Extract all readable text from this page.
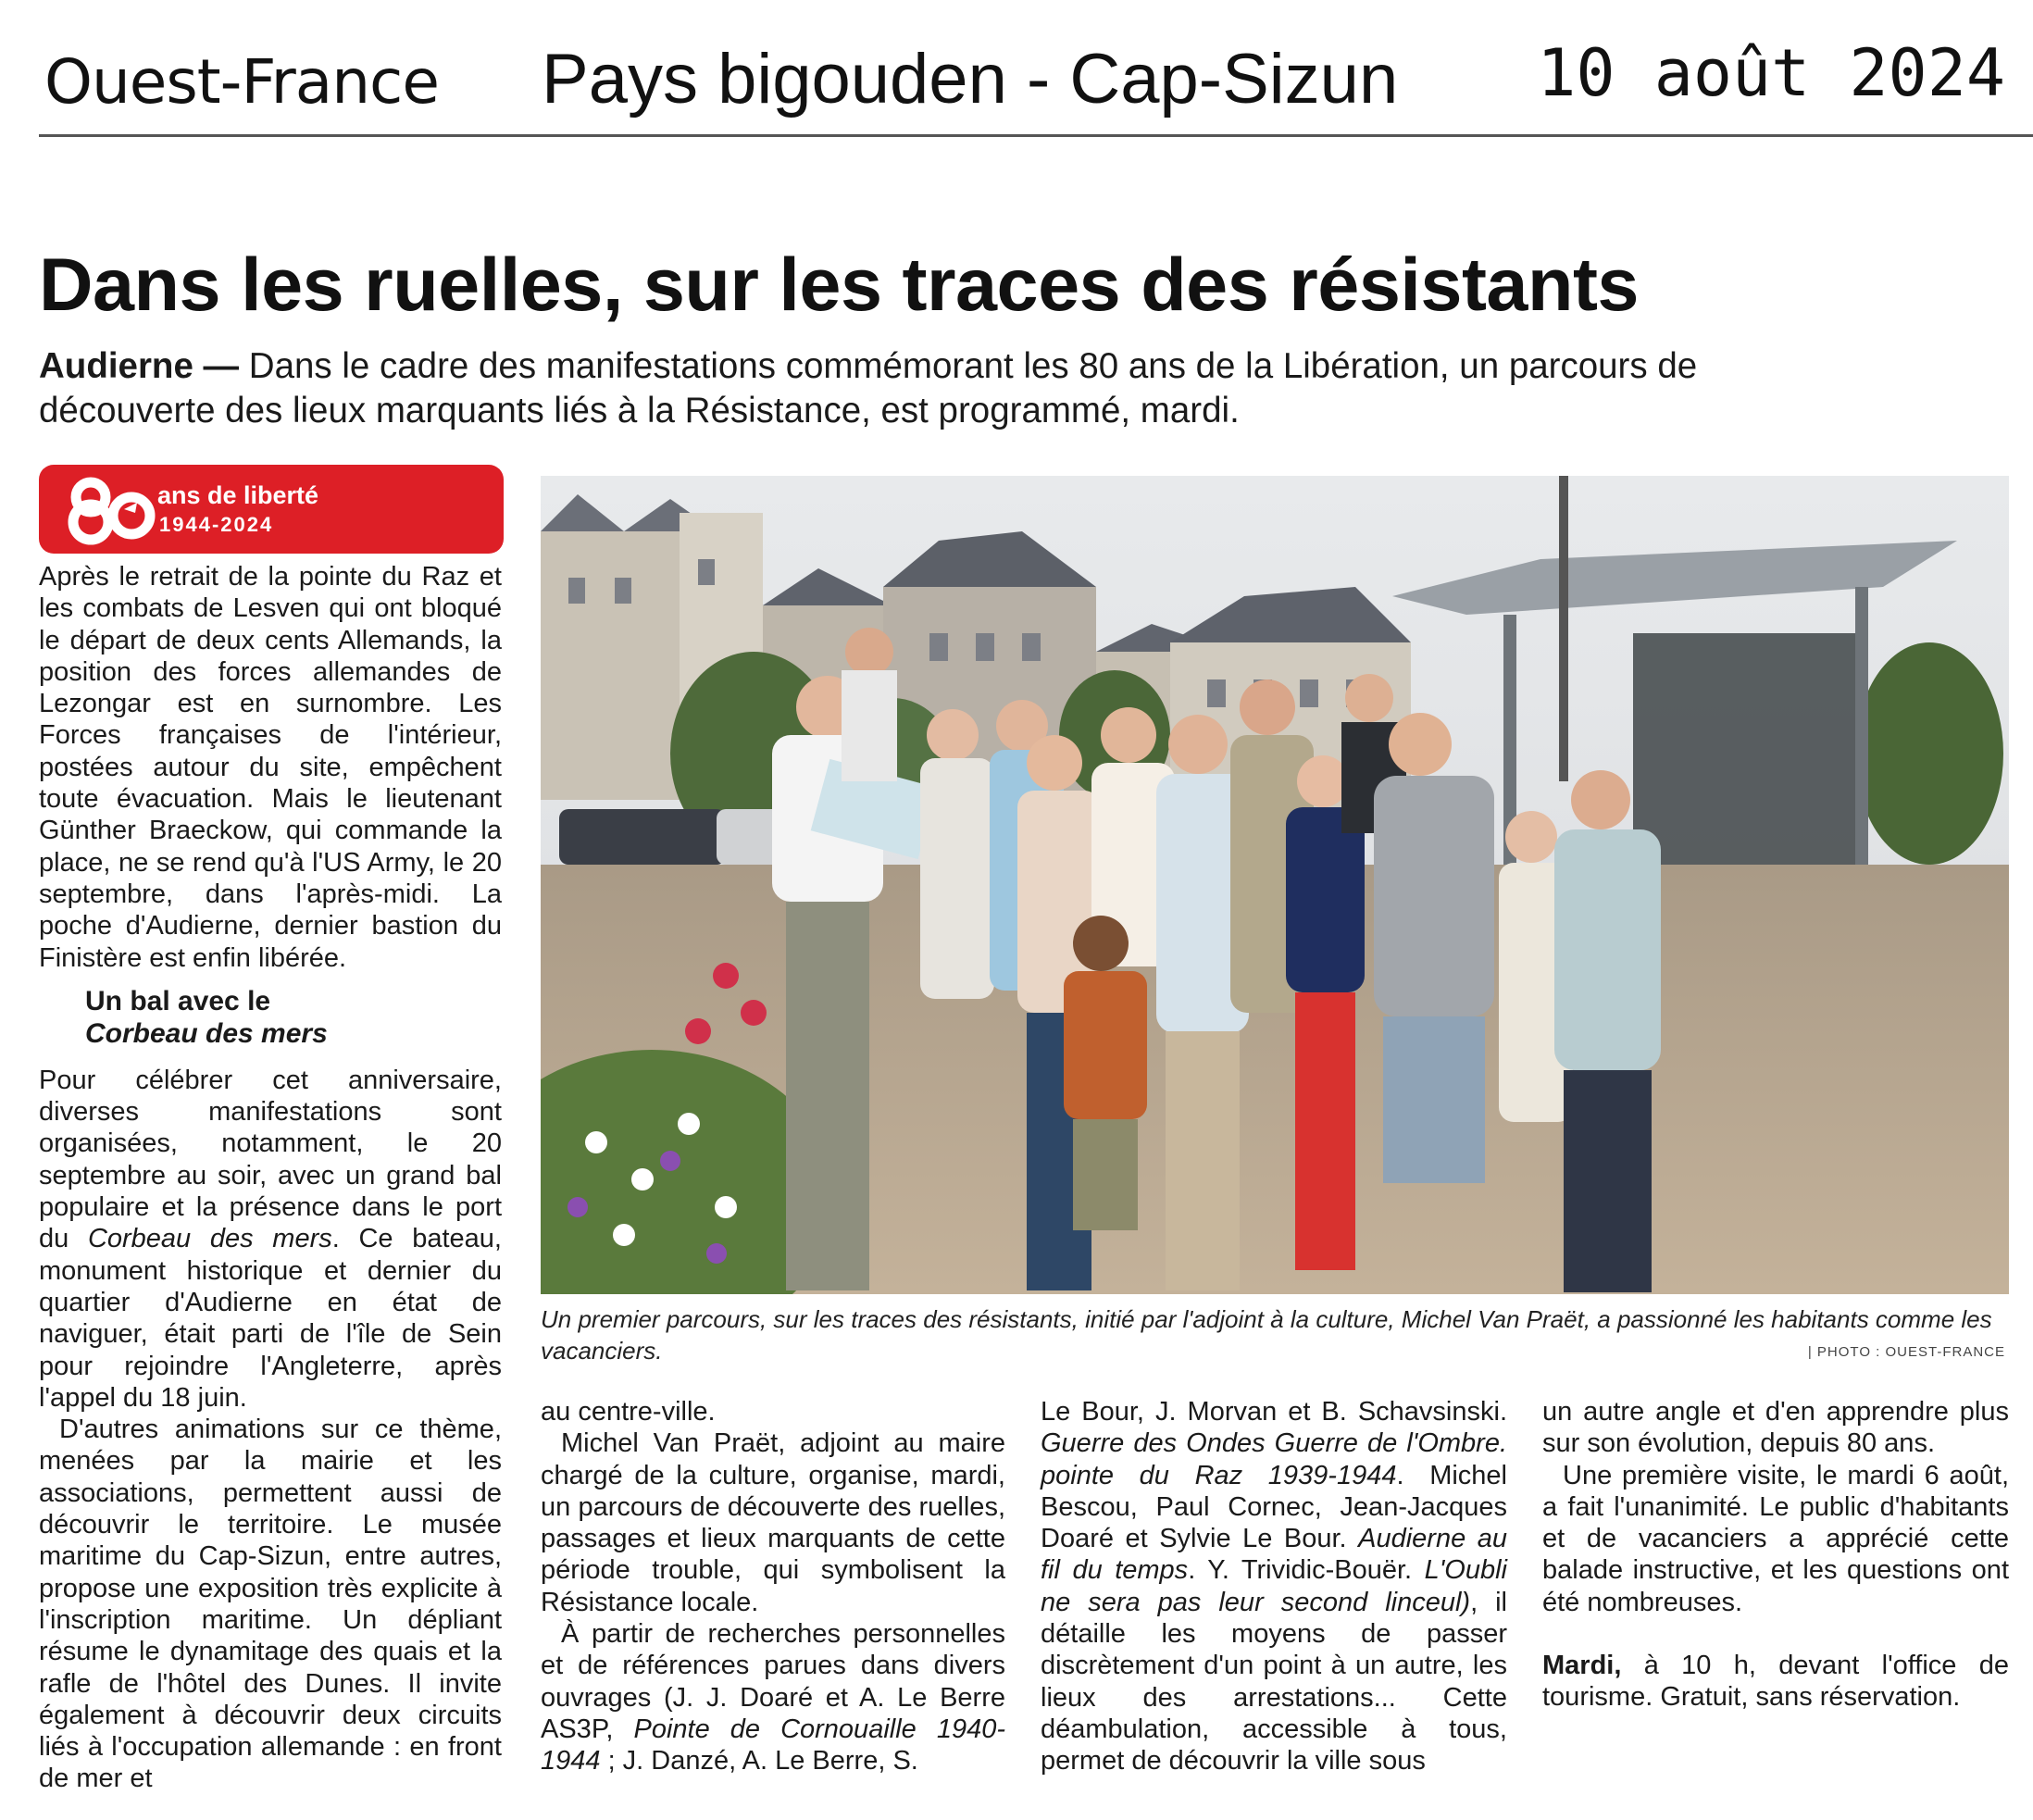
Ouest-France Pays bigouden - Cap-Sizun 10 août 2024
Dans les ruelles, sur les traces des résistants
Audierne — Dans le cadre des manifestations commémorant les 80 ans de la Libération, un parcours de découverte des lieux marquants liés à la Résistance, est programmé, mardi.
ans de liberté
1944-2024

Après le retrait de la pointe du Raz et les combats de Lesven qui ont bloqué le départ de deux cents Allemands, la position des forces allemandes de Lezongar est en surnombre. Les Forces françaises de l'intérieur, postées autour du site, empêchent toute évacuation. Mais le lieutenant Günther Braeckow, qui commande la place, ne se rend qu'à l'US Army, le 20 septembre, dans l'après-midi. La poche d'Audierne, dernier bastion du Finistère est enfin libérée.

Un bal avec le
Corbeau des mers

Pour célébrer cet anniversaire, diverses manifestations sont organisées, notamment, le 20 septembre au soir, avec un grand bal populaire et la présence dans le port du Corbeau des mers. Ce bateau, monument historique et dernier du quartier d'Audierne en état de naviguer, était parti de l'île de Sein pour rejoindre l'Angleterre, après l'appel du 18 juin.

D'autres animations sur ce thème, menées par la mairie et les associations, permettent aussi de découvrir le territoire. Le musée maritime du Cap-Sizun, entre autres, propose une exposition très explicite à l'inscription maritime. Un dépliant résume le dynamitage des quais et la rafle de l'hôtel des Dunes. Il invite également à découvrir deux circuits liés à l'occupation allemande : en front de mer et

Un premier parcours, sur les traces des résistants, initié par l'adjoint à la culture, Michel Van Praët, a passionné les habitants comme les vacanciers.	| PHOTO : OUEST-FRANCE

au centre-ville.

Michel Van Praët, adjoint au maire chargé de la culture, organise, mardi, un parcours de découverte des ruelles, passages et lieux marquants de cette période trouble, qui symbolisent la Résistance locale.

À partir de recherches personnelles et de références parues dans divers ouvrages (J. J. Doaré et A. Le Berre AS3P, Pointe de Cornouaille 1940-1944 ; J. Danzé, A. Le Berre, S.

Le Bour, J. Morvan et B. Schavsinski. Guerre des Ondes Guerre de l'Ombre. pointe du Raz 1939-1944. Michel Bescou, Paul Cornec, Jean-Jacques Doaré et Sylvie Le Bour. Audierne au fil du temps. Y. Trividic-Bouër. L'Oubli ne sera pas leur second linceul), il détaille les moyens de passer discrètement d'un point à un autre, les lieux des arrestations... Cette déambulation, accessible à tous, permet de découvrir la ville sous

un autre angle et d'en apprendre plus sur son évolution, depuis 80 ans.

Une première visite, le mardi 6 août, a fait l'unanimité. Le public d'habitants et de vacanciers a apprécié cette balade instructive, et les questions ont été nombreuses.

Mardi, à 10 h, devant l'office de tourisme. Gratuit, sans réservation.
